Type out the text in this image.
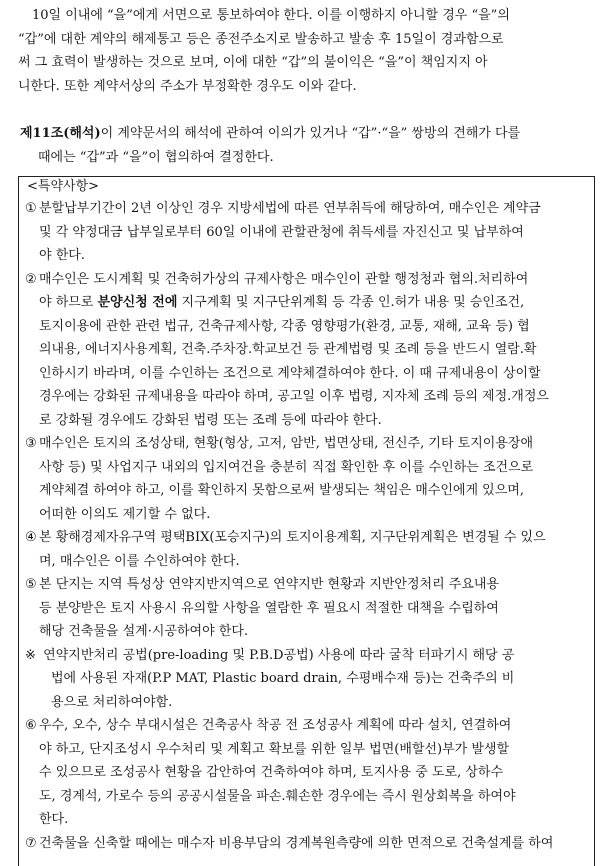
10일 이내에 “을”에게 서면으로 통보하여야 한다. 이를 이행하지 아니할 경우 “을”의
“갑”에 대한 계약의 해제통고 등은 종전주소지로 발송하고 발송 후 15일이 경과함으로
써 그 효력이 발생하는 것으로 보며, 이에 대한 “갑”의 불이익은 “을”이 책임지지 아
니한다. 또한 계약서상의 주소가 부정확한 경우도 이와 같다.
제11조(해석)이 계약문서의 해석에 관하여 이의가 있거나 “갑”·“을” 쌍방의 견해가 다를
때에는 “갑”과 “을”이 협의하여 결정한다.
<특약사항>
① 분할납부기간이 2년 이상인 경우 지방세법에 따른 연부취득에 해당하여, 매수인은 계약금
및 각 약정대금 납부일로부터 60일 이내에 관할관청에 취득세를 자진신고 및 납부하여
야 한다.
② 매수인은 도시계획 및 건축허가상의 규제사항은 매수인이 관할 행정청과 협의.처리하여
야 하므로 분양신청 전에 지구계획 및 지구단위계획 등 각종 인.허가 내용 및 승인조건,
토지이용에 관한 관련 법규, 건축규제사항, 각종 영향평가(환경, 교통, 재해, 교육 등) 협
의내용, 에너지사용계획, 건축.주차장.학교보건 등 관계법령 및 조례 등을 반드시 열람.확
인하시기 바라며, 이를 수인하는 조건으로 계약체결하여야 한다. 이 때 규제내용이 상이할
경우에는 강화된 규제내용을 따라야 하며, 공고일 이후 법령, 지자체 조례 등의 제정.개정으
로 강화될 경우에도 강화된 법령 또는 조례 등에 따라야 한다.
③ 매수인은 토지의 조성상태, 현황(형상, 고저, 암반, 법면상태, 전신주, 기타 토지이용장애
사항 등) 및 사업지구 내외의 입지여건을 충분히 직접 확인한 후 이를 수인하는 조건으로
계약체결 하여야 하고, 이를 확인하지 못함으로써 발생되는 책임은 매수인에게 있으며,
어떠한 이의도 제기할 수 없다.
④ 본 황해경제자유구역 평택BIX(포승지구)의 토지이용계획, 지구단위계획은 변경될 수 있으
며, 매수인은 이를 수인하여야 한다.
⑤ 본 단지는 지역 특성상 연약지반지역으로 연약지반 현황과 지반안정처리 주요내용
등 분양받은 토지 사용시 유의할 사항을 열람한 후 필요시 적절한 대책을 수립하여
해당 건축물을 설계·시공하여야 한다.
※ 연약지반처리 공법(pre-loading 및 P.B.D공법) 사용에 따라 굴착 터파기시 해당 공
법에 사용된 자재(P.P MAT, Plastic board drain, 수평배수재 등)는 건축주의 비
용으로 처리하여야함.
⑥ 우수, 오수, 상수 부대시설은 건축공사 착공 전 조성공사 계획에 따라 설치, 연결하여
야 하고, 단지조성시 우수처리 및 계획고 확보를 위한 일부 법면(배할선)부가 발생할
수 있으므로 조성공사 현황을 감안하여 건축하여야 하며, 토지사용 중 도로, 상하수
도, 경계석, 가로수 등의 공공시설물을 파손.훼손한 경우에는 즉시 원상회복을 하여야
한다.
⑦ 건축물을 신축할 때에는 매수자 비용부담의 경계복원측량에 의한 면적으로 건축설계를 하여
